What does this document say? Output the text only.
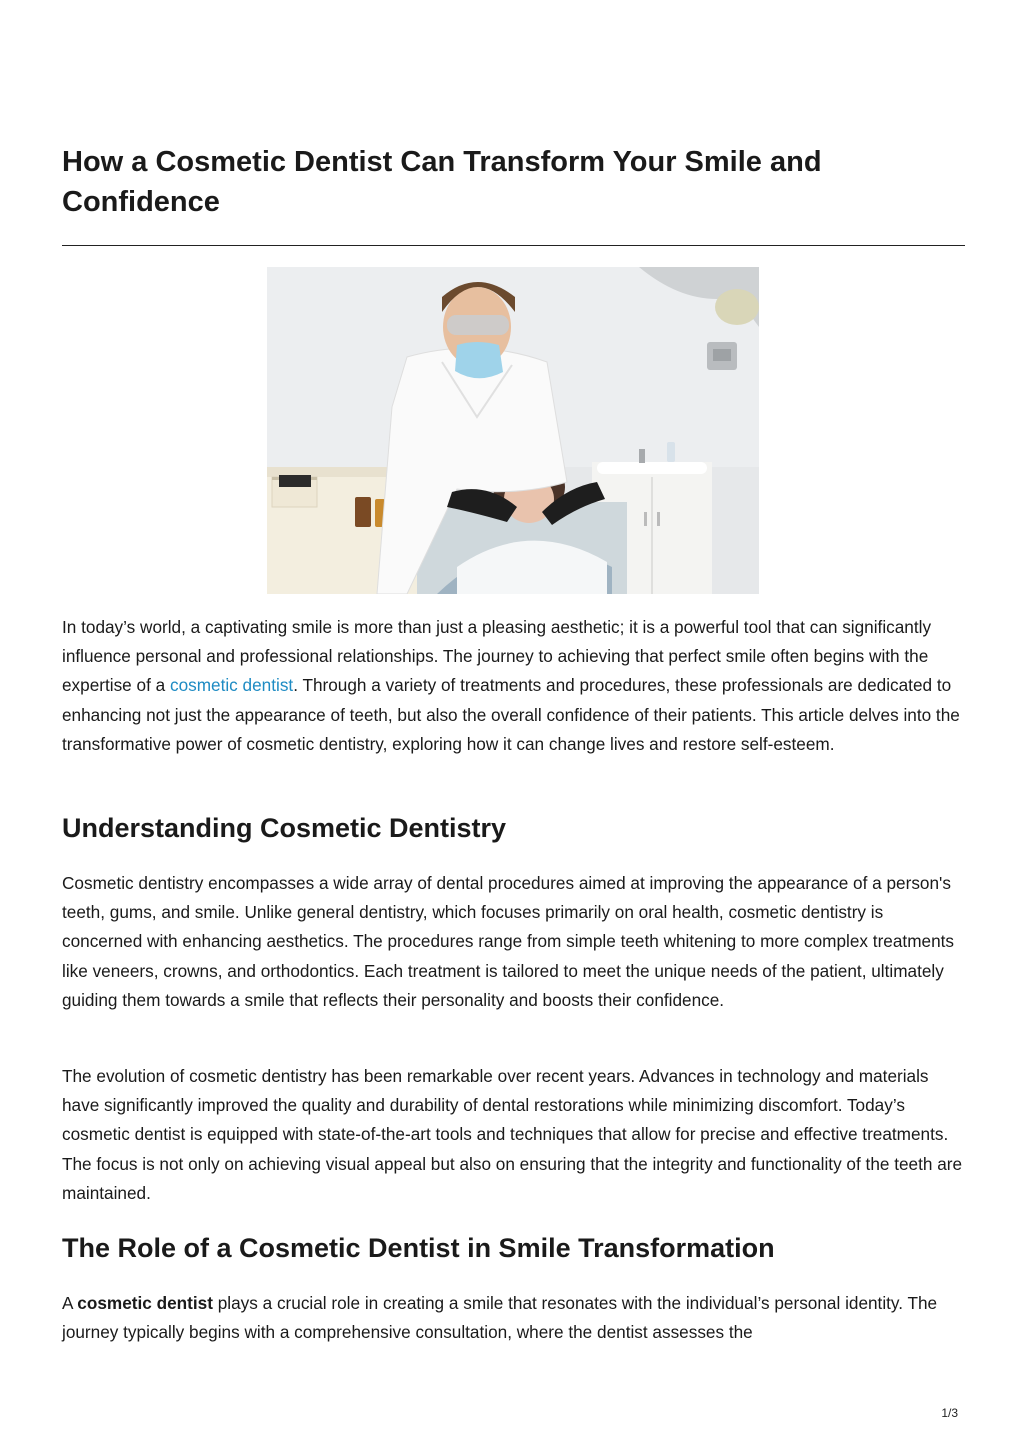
How a Cosmetic Dentist Can Transform Your Smile and Confidence

In today’s world, a captivating smile is more than just a pleasing aesthetic; it is a powerful tool that can significantly influence personal and professional relationships. The journey to achieving that perfect smile often begins with the expertise of a cosmetic dentist. Through a variety of treatments and procedures, these professionals are dedicated to enhancing not just the appearance of teeth, but also the overall confidence of their patients. This article delves into the transformative power of cosmetic dentistry, exploring how it can change lives and restore self-esteem.

Understanding Cosmetic Dentistry

Cosmetic dentistry encompasses a wide array of dental procedures aimed at improving the appearance of a person's teeth, gums, and smile. Unlike general dentistry, which focuses primarily on oral health, cosmetic dentistry is concerned with enhancing aesthetics. The procedures range from simple teeth whitening to more complex treatments like veneers, crowns, and orthodontics. Each treatment is tailored to meet the unique needs of the patient, ultimately guiding them towards a smile that reflects their personality and boosts their confidence.

The evolution of cosmetic dentistry has been remarkable over recent years. Advances in technology and materials have significantly improved the quality and durability of dental restorations while minimizing discomfort. Today’s cosmetic dentist is equipped with state-of-the-art tools and techniques that allow for precise and effective treatments. The focus is not only on achieving visual appeal but also on ensuring that the integrity and functionality of the teeth are maintained.

The Role of a Cosmetic Dentist in Smile Transformation

A cosmetic dentist plays a crucial role in creating a smile that resonates with the individual’s personal identity. The journey typically begins with a comprehensive consultation, where the dentist assesses the

1/3
